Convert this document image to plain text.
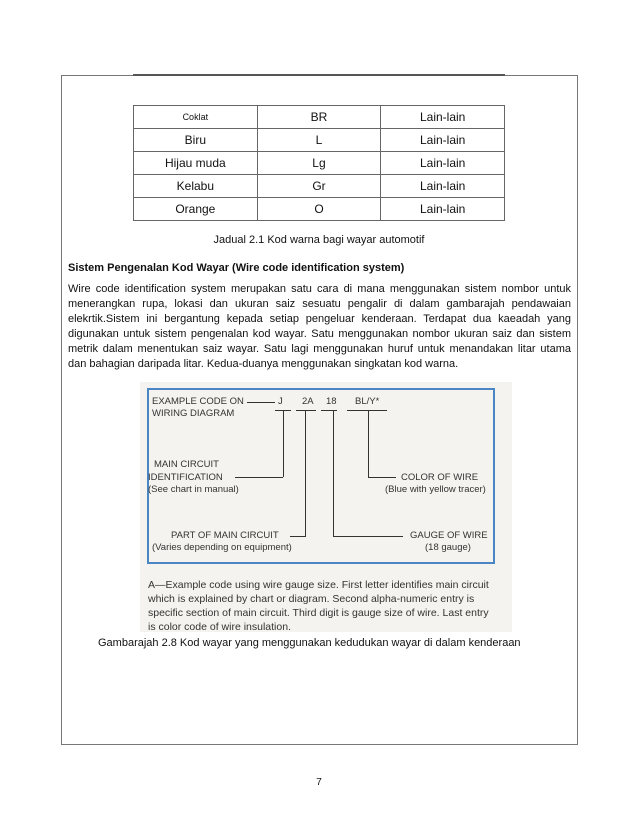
Coklat	BR	Lain-lain
Biru	L	Lain-lain
Hijau muda	Lg	Lain-lain
Kelabu	Gr	Lain-lain
Orange	O	Lain-lain
Jadual 2.1 Kod warna bagi wayar automotif
Sistem Pengenalan Kod Wayar (Wire code identification system)
Wire code identification system merupakan satu cara di mana menggunakan sistem nombor untuk menerangkan rupa, lokasi dan ukuran saiz sesuatu pengalir di dalam gambarajah pendawaian elekrtik.Sistem ini bergantung kepada setiap pengeluar kenderaan. Terdapat dua kaeadah yang digunakan untuk sistem pengenalan kod wayar. Satu menggunakan nombor ukuran saiz dan sistem metrik dalam menentukan saiz wayar. Satu lagi menggunakan huruf untuk menandakan litar utama dan bahagian daripada litar. Kedua-duanya menggunakan singkatan kod warna.
EXAMPLE CODE ON
WIRING DIAGRAM
J 2A 18 BL/Y*
MAIN CIRCUIT
IDENTIFICATION
(See chart in manual)
PART OF MAIN CIRCUIT
(Varies depending on equipment)
COLOR OF WIRE
(Blue with yellow tracer)
GAUGE OF WIRE
(18 gauge)
A—Example code using wire gauge size. First letter identifies main circuit which is explained by chart or diagram. Second alpha-numeric entry is specific section of main circuit. Third digit is gauge size of wire. Last entry is color code of wire insulation.
Gambarajah 2.8 Kod wayar yang menggunakan kedudukan wayar di dalam kenderaan
7
